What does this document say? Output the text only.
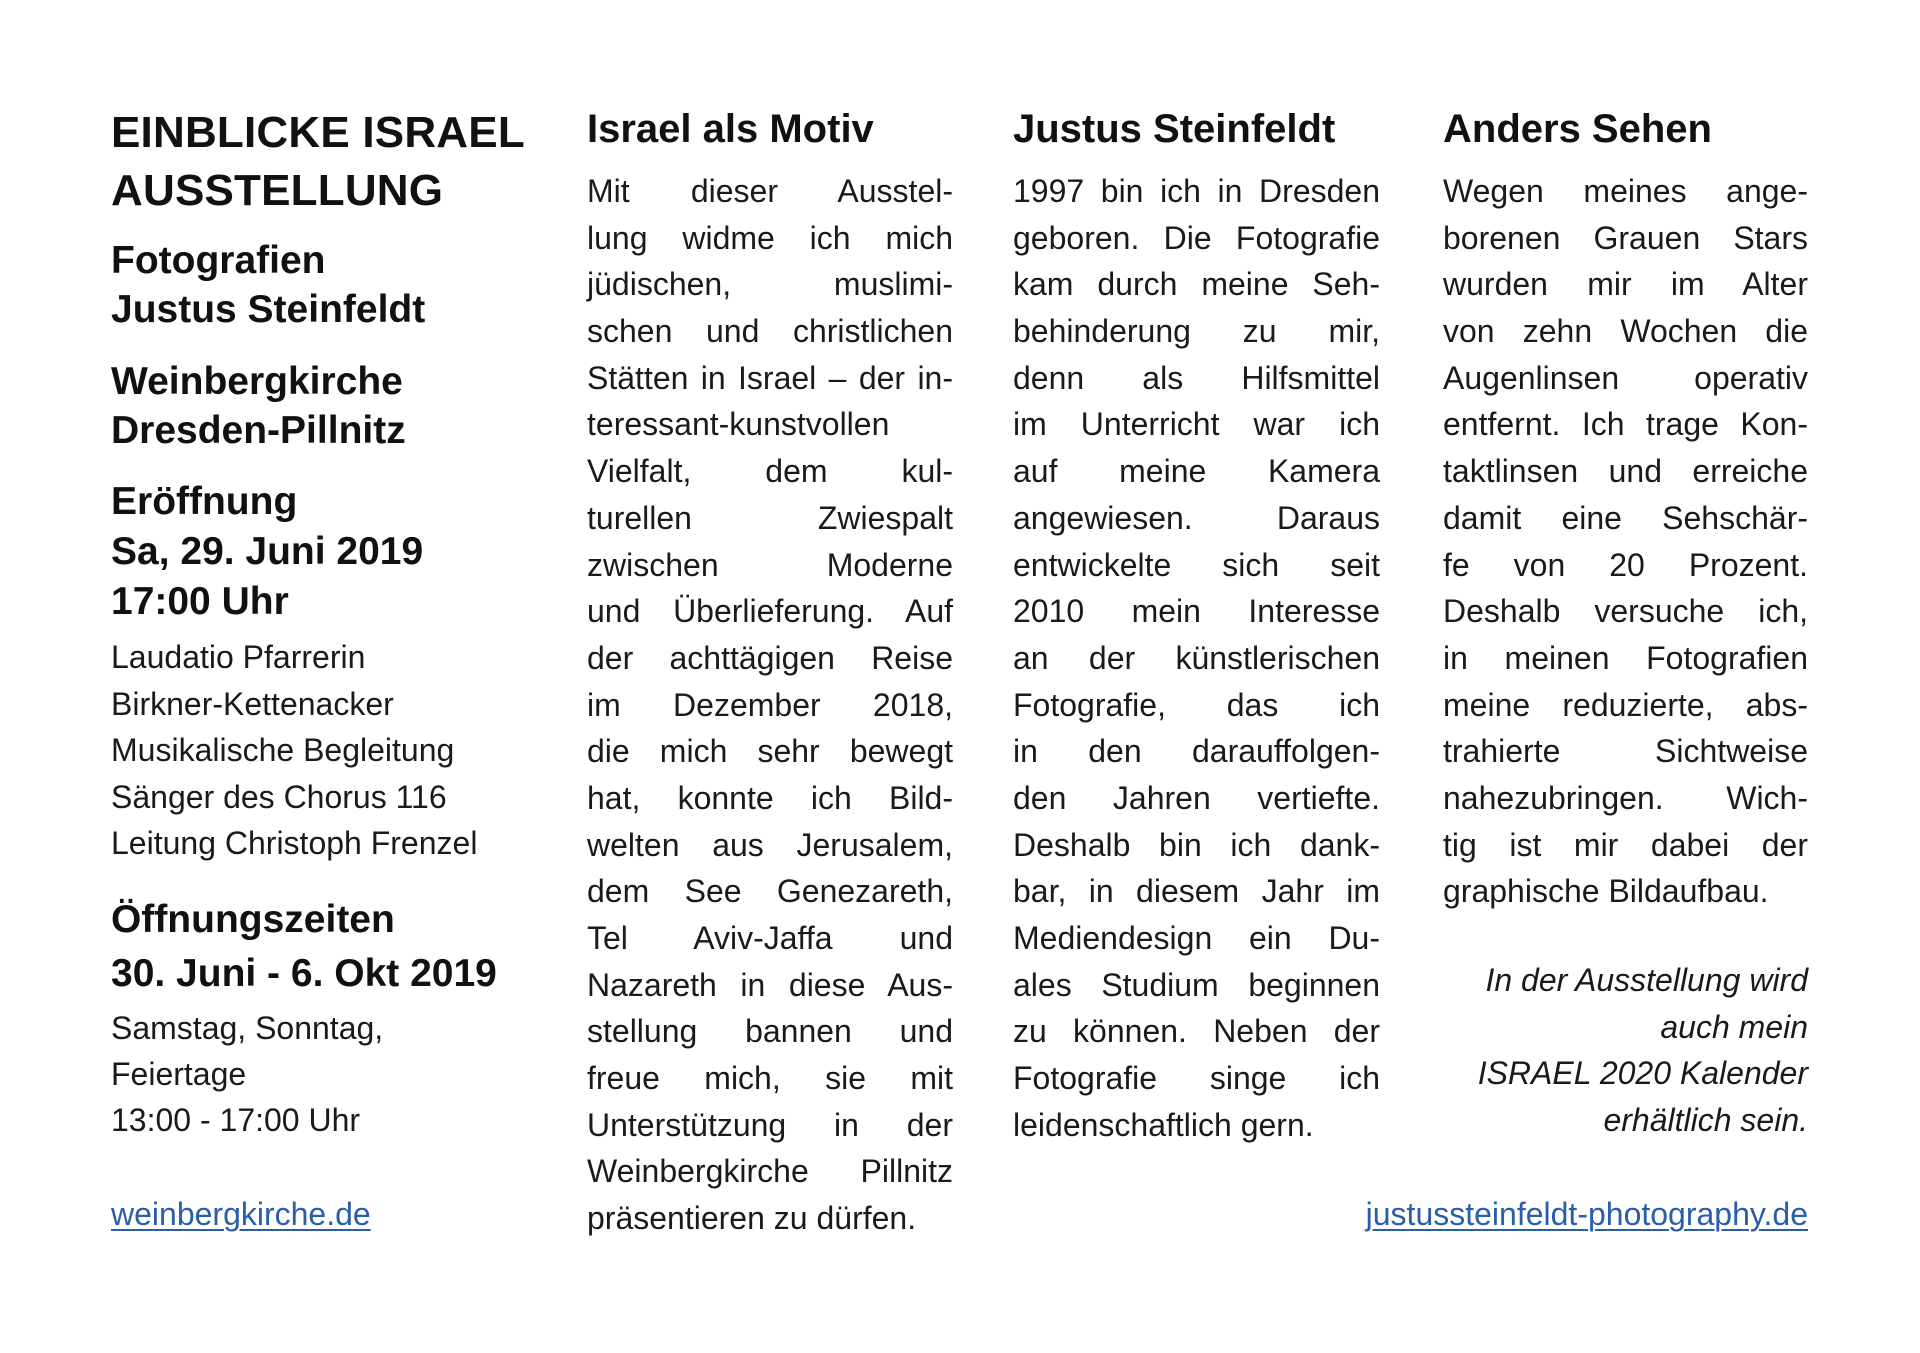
EINBLICKE ISRAEL
AUSSTELLUNG
Fotografien
Justus Steinfeldt
Weinbergkirche
Dresden-Pillnitz
Eröffnung
Sa, 29. Juni 2019
17:00 Uhr
Laudatio Pfarrerin
Birkner-Kettenacker
Musikalische Begleitung
Sänger des Chorus 116
Leitung Christoph Frenzel
Öffnungszeiten
30. Juni - 6. Okt 2019
Samstag, Sonntag,
Feiertage
13:00 - 17:00 Uhr
weinbergkirche.de
Israel als Motiv
Mit dieser Ausstel-
lung widme ich mich
jüdischen, muslimi-
schen und christlichen
Stätten in Israel – der in-
teressant-kunstvollen
Vielfalt, dem kul-
turellen Zwiespalt
zwischen Moderne
und Überlieferung. Auf
der achttägigen Reise
im Dezember 2018,
die mich sehr bewegt
hat, konnte ich Bild-
welten aus Jerusalem,
dem See Genezareth,
Tel Aviv-Jaffa und
Nazareth in diese Aus-
stellung bannen und
freue mich, sie mit
Unterstützung in der
Weinbergkirche Pillnitz
präsentieren zu dürfen.
Justus Steinfeldt
1997 bin ich in Dresden
geboren. Die Fotografie
kam durch meine Seh-
behinderung zu mir,
denn als Hilfsmittel
im Unterricht war ich
auf meine Kamera
angewiesen. Daraus
entwickelte sich seit
2010 mein Interesse
an der künstlerischen
Fotografie, das ich
in den darauffolgen-
den Jahren vertiefte.
Deshalb bin ich dank-
bar, in diesem Jahr im
Mediendesign ein Du-
ales Studium beginnen
zu können. Neben der
Fotografie singe ich
leidenschaftlich gern.
Anders Sehen
Wegen meines ange-
borenen Grauen Stars
wurden mir im Alter
von zehn Wochen die
Augenlinsen operativ
entfernt. Ich trage Kon-
taktlinsen und erreiche
damit eine Sehschär-
fe von 20 Prozent.
Deshalb versuche ich,
in meinen Fotografien
meine reduzierte, abs-
trahierte Sichtweise
nahezubringen. Wich-
tig ist mir dabei der
graphische Bildaufbau.
In der Ausstellung wird
auch mein
ISRAEL 2020 Kalender
erhältlich sein.
justussteinfeldt-photography.de
